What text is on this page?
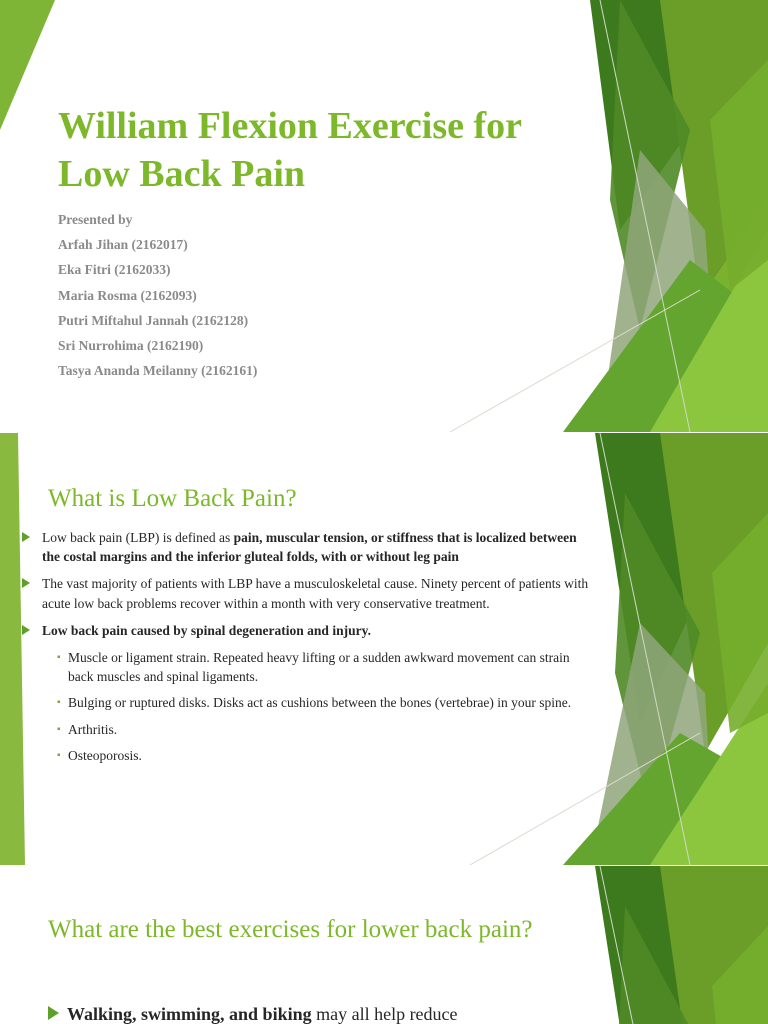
William Flexion Exercise for Low Back Pain
Presented by
Arfah Jihan (2162017)
Eka Fitri (2162033)
Maria Rosma (2162093)
Putri Miftahul Jannah (2162128)
Sri Nurrohima (2162190)
Tasya Ananda Meilanny (2162161)
What is Low Back Pain?
Low back pain (LBP) is defined as pain, muscular tension, or stiffness that is localized between the costal margins and the inferior gluteal folds, with or without leg pain
The vast majority of patients with LBP have a musculoskeletal cause. Ninety percent of patients with acute low back problems recover within a month with very conservative treatment.
Low back pain caused by spinal degeneration and injury.
▪ Muscle or ligament strain. Repeated heavy lifting or a sudden awkward movement can strain back muscles and spinal ligaments.
▪ Bulging or ruptured disks. Disks act as cushions between the bones (vertebrae) in your spine.
▪ Arthritis.
▪ Osteoporosis.
What are the best exercises for lower back pain?
Walking, swimming, and biking may all help reduce
